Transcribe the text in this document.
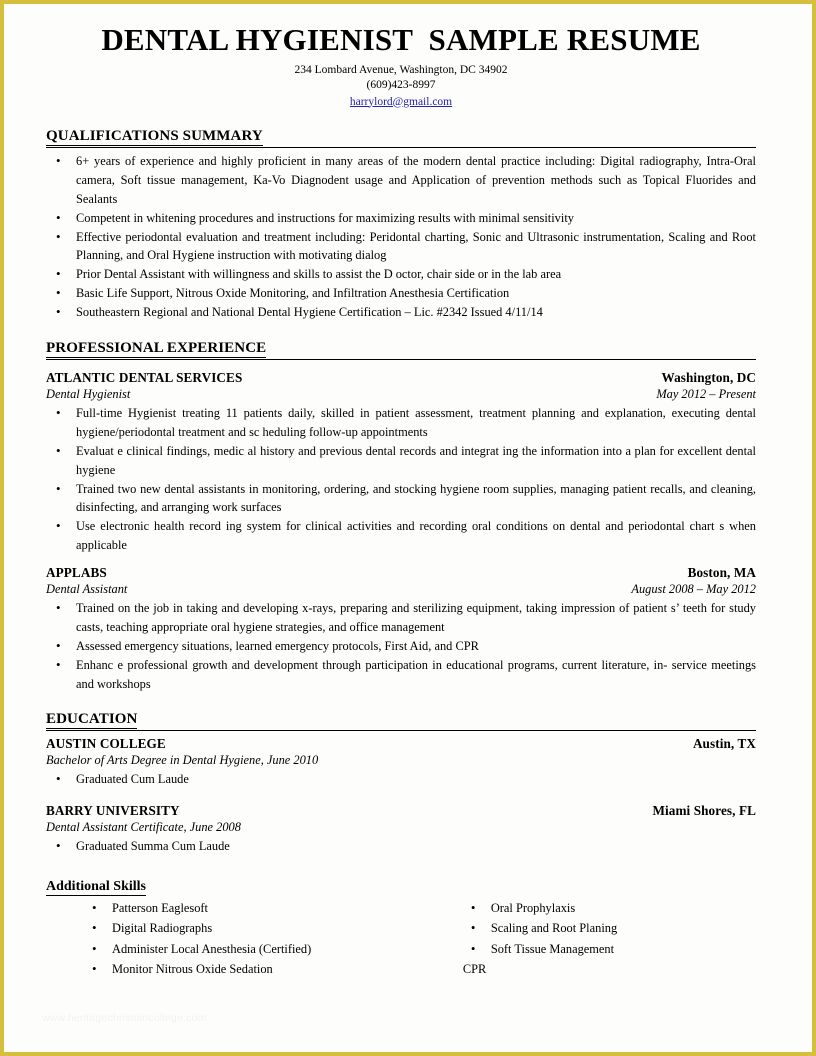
DENTAL HYGIENIST  SAMPLE RESUME
234 Lombard Avenue, Washington, DC 34902
(609)423-8997
harrylord@gmail.com
QUALIFICATIONS SUMMARY
• 6+ years of experience and highly proficient in many areas of the modern dental practice including: Digital radiography, Intra-Oral camera, Soft tissue management, Ka-Vo Diagnodent usage and Application of prevention methods such as Topical Fluorides and Sealants
• Competent in whitening procedures and instructions for maximizing results with minimal sensitivity
• Effective periodontal evaluation and treatment including: Peridontal charting, Sonic and Ultrasonic instrumentation, Scaling and Root Planning, and Oral Hygiene instruction with motivating dialog
• Prior Dental Assistant with willingness and skills to assist the D octor, chair side or in the lab area
• Basic Life Support, Nitrous Oxide Monitoring, and Infiltration Anesthesia Certification
• Southeastern Regional and National Dental Hygiene Certification – Lic. #2342 Issued 4/11/14
PROFESSIONAL EXPERIENCE
ATLANTIC DENTAL SERVICES	Washington, DC
Dental Hygienist	May 2012 – Present
• Full-time Hygienist treating 11 patients daily, skilled in patient assessment, treatment planning and explanation, executing dental hygiene/periodontal treatment and sc heduling follow-up appointments
• Evaluat e clinical findings, medic al history and previous dental records and integrat ing the information into a plan for excellent dental hygiene
• Trained two new dental assistants in monitoring, ordering, and stocking hygiene room supplies, managing patient recalls, and cleaning, disinfecting, and arranging work surfaces
• Use electronic health record ing system for clinical activities and recording oral conditions on dental and periodontal chart s when applicable
APPLABS	Boston, MA
Dental Assistant	August 2008 – May 2012
• Trained on the job in taking and developing x-rays, preparing and sterilizing equipment, taking impression of patient s’ teeth for study casts, teaching appropriate oral hygiene strategies, and office management
• Assessed emergency situations, learned emergency protocols, First Aid, and CPR
• Enhanc e professional growth and development through participation in educational programs, current literature, in- service meetings and workshops
EDUCATION
AUSTIN COLLEGE	Austin, TX
Bachelor of Arts Degree in Dental Hygiene, June 2010
• Graduated Cum Laude
BARRY UNIVERSITY	Miami Shores, FL
Dental Assistant Certificate, June 2008
• Graduated Summa Cum Laude
Additional Skills
• Patterson Eaglesoft
• Digital Radiographs
• Administer Local Anesthesia (Certified)
• Monitor Nitrous Oxide Sedation
• Oral Prophylaxis
• Scaling and Root Planing
• Soft Tissue Management
CPR
www.heritagechristiancollege.com
